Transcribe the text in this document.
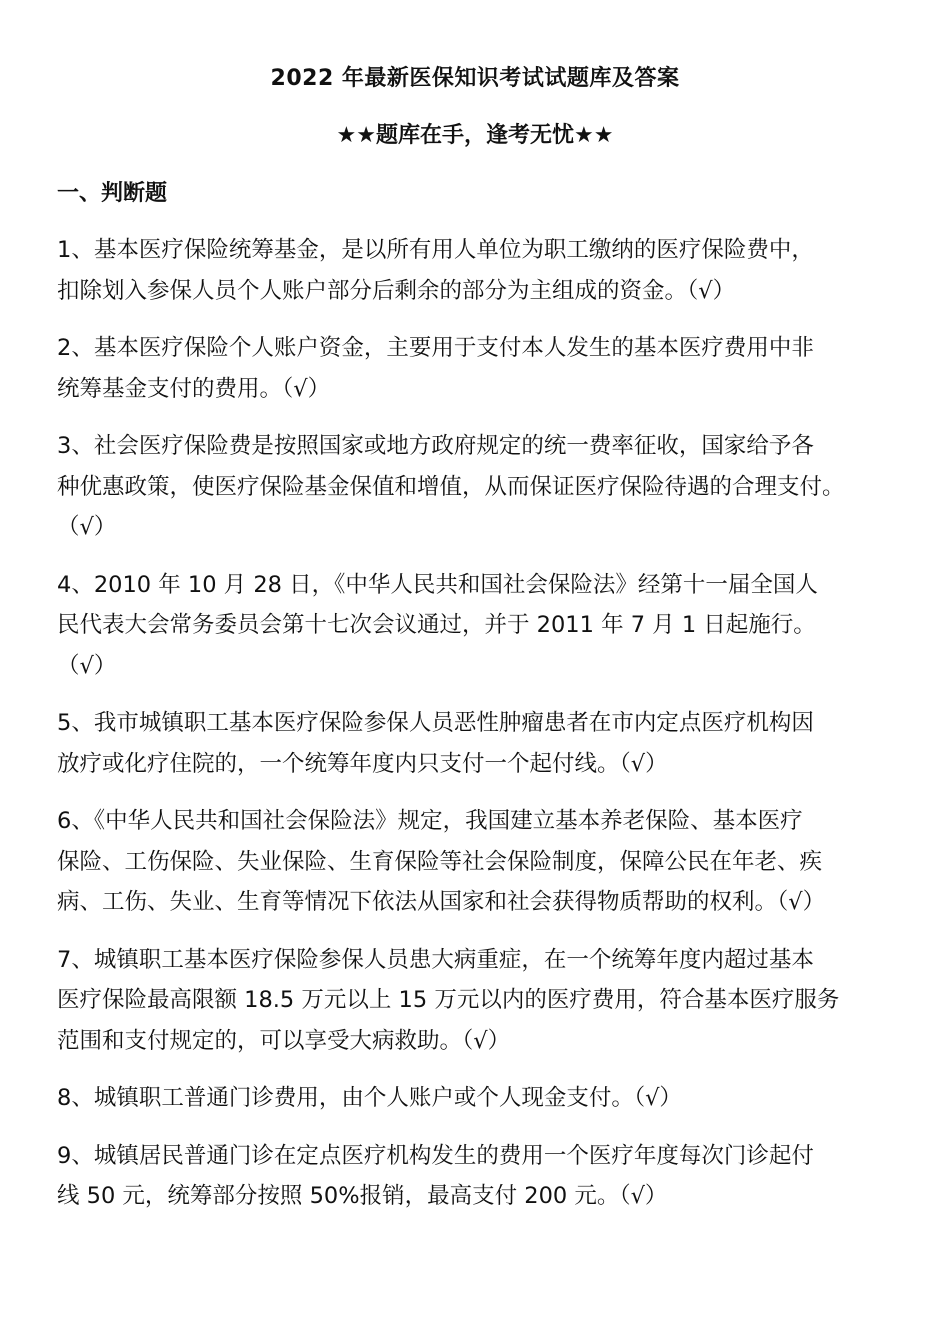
2022 年最新医保知识考试试题库及答案
★★题库在手，逢考无忧★★
一、判断题
1、基本医疗保险统筹基金，是以所有用人单位为职工缴纳的医疗保险费中，
扣除划入参保人员个人账户部分后剩余的部分为主组成的资金。（√）
2、基本医疗保险个人账户资金，主要用于支付本人发生的基本医疗费用中非
统筹基金支付的费用。（√）
3、社会医疗保险费是按照国家或地方政府规定的统一费率征收，国家给予各
种优惠政策，使医疗保险基金保值和增值，从而保证医疗保险待遇的合理支付。
（√）
4、2010 年 10 月 28 日，《中华人民共和国社会保险法》经第十一届全国人
民代表大会常务委员会第十七次会议通过，并于 2011 年 7 月 1 日起施行。
（√）
5、我市城镇职工基本医疗保险参保人员恶性肿瘤患者在市内定点医疗机构因
放疗或化疗住院的，一个统筹年度内只支付一个起付线。（√）
6、《中华人民共和国社会保险法》规定，我国建立基本养老保险、基本医疗
保险、工伤保险、失业保险、生育保险等社会保险制度，保障公民在年老、疾
病、工伤、失业、生育等情况下依法从国家和社会获得物质帮助的权利。（√）
7、城镇职工基本医疗保险参保人员患大病重症，在一个统筹年度内超过基本
医疗保险最高限额 18.5 万元以上 15 万元以内的医疗费用，符合基本医疗服务
范围和支付规定的，可以享受大病救助。（√）
8、城镇职工普通门诊费用，由个人账户或个人现金支付。（√）
9、城镇居民普通门诊在定点医疗机构发生的费用一个医疗年度每次门诊起付
线 50 元，统筹部分按照 50%报销，最高支付 200 元。（√）
